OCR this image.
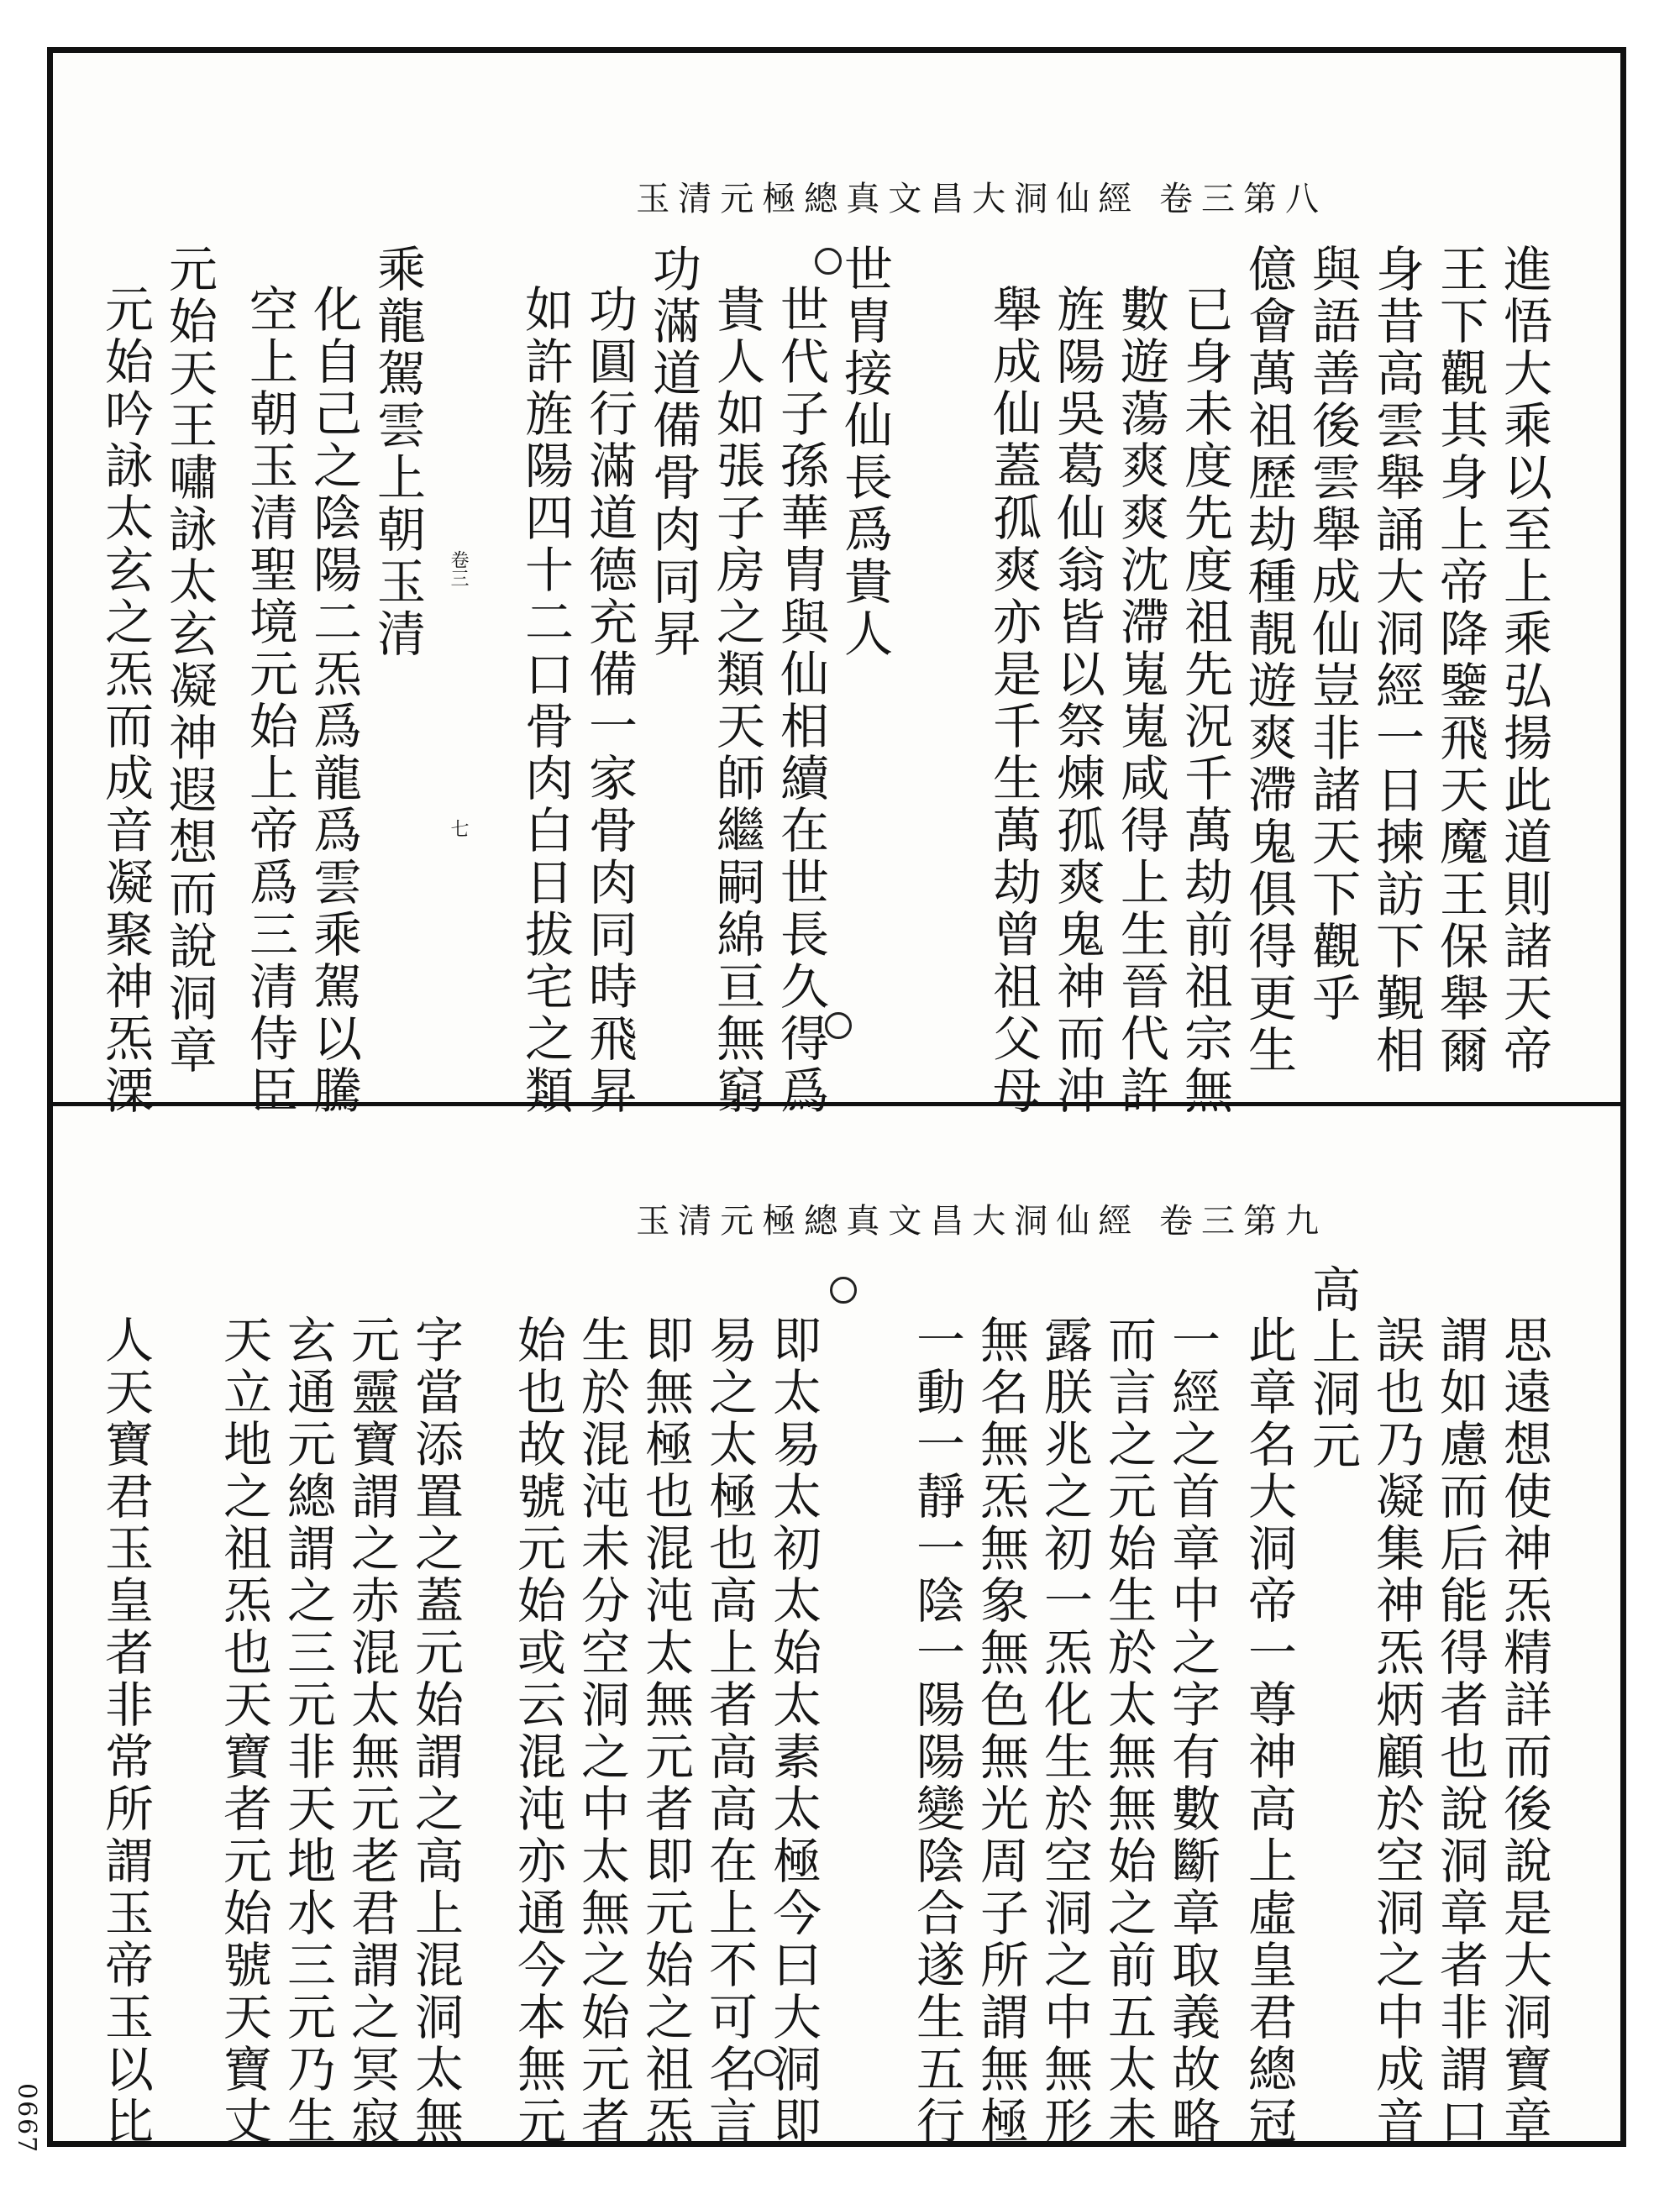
玉清元極總真文昌大洞仙經 卷三第八
進悟大乘以至上乘弘揚此道則諸天帝
王下觀其身上帝降鑒飛天魔王保舉爾
身昔高雲舉誦大洞經一日揀訪下覲相
與語善後雲舉成仙豈非諸天下觀乎
億會萬祖歷劫種靚遊爽滯鬼俱得更生
已身未度先度祖先況千萬劫前祖宗無
數遊蕩爽爽沈滯嵬嵬咸得上生晉代許
旌陽吳葛仙翁皆以祭煉孤爽鬼神而沖
舉成仙蓋孤爽亦是千生萬劫曾祖父母
世胄接仙長爲貴人
世代子孫華胄與仙相續在世長久得爲
貴人如張子房之類天師繼嗣綿亘無窮
功滿道備骨肉同昇
功圓行滿道德充備一家骨肉同時飛昇
如許旌陽四十二口骨肉白日拔宅之類
乘龍駕雲上朝玉清
化自己之陰陽二炁爲龍爲雲乘駕以騰
空上朝玉清聖境元始上帝爲三清侍臣
元始天王嘯詠太玄凝神遐想而說洞章
元始吟詠太玄之炁而成音凝聚神炁溧	卷三
七
玉清元極總真文昌大洞仙經 卷三第九
思遠想使神炁精詳而後說是大洞寶章
謂如慮而后能得者也說洞章者非謂口
誤也乃凝集神炁炳顧於空洞之中成音
高上洞元
此章名大洞帝一尊神高上虛皇君總冠
一經之首章中之字有數斷章取義故略
而言之元始生於太無無始之前五太未
露朕兆之初一炁化生於空洞之中無形
無名無炁無象無色無光周子所謂無極
一動一靜一陰一陽陽變陰合遂生五行
即太易太初太始太素太極今曰大洞即
易之太極也高上者高高在上不可名言
即無極也混沌太無元者即元始之祖炁
生於混沌未分空洞之中太無之始元者
始也故號元始或云混沌亦通今本無元
字當添置之蓋元始謂之高上混洞太無
元靈寶謂之赤混太無元老君謂之冥寂
玄通元總謂之三元非天地水三元乃生
天立地之祖炁也天寶者元始號天寶丈
人天寶君玉皇者非常所謂玉帝玉以比
0667
